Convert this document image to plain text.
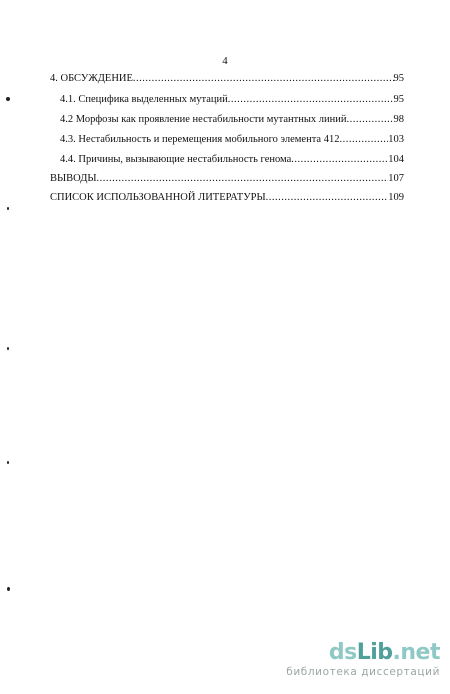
4
4. ОБСУЖДЕНИЕ .....	95
4.1. Специфика выделенных мутаций .....	95
4.2 Морфозы как проявление нестабильности мутантных линий .....	98
4.3. Нестабильность и перемещения мобильного элемента 412 .....	103
4.4. Причины, вызывающие нестабильность генома .....	104
ВЫВОДЫ .....	107
СПИСОК ИСПОЛЬЗОВАННОЙ ЛИТЕРАТУРЫ .....	109
dsLib.net
библиотека диссертаций
